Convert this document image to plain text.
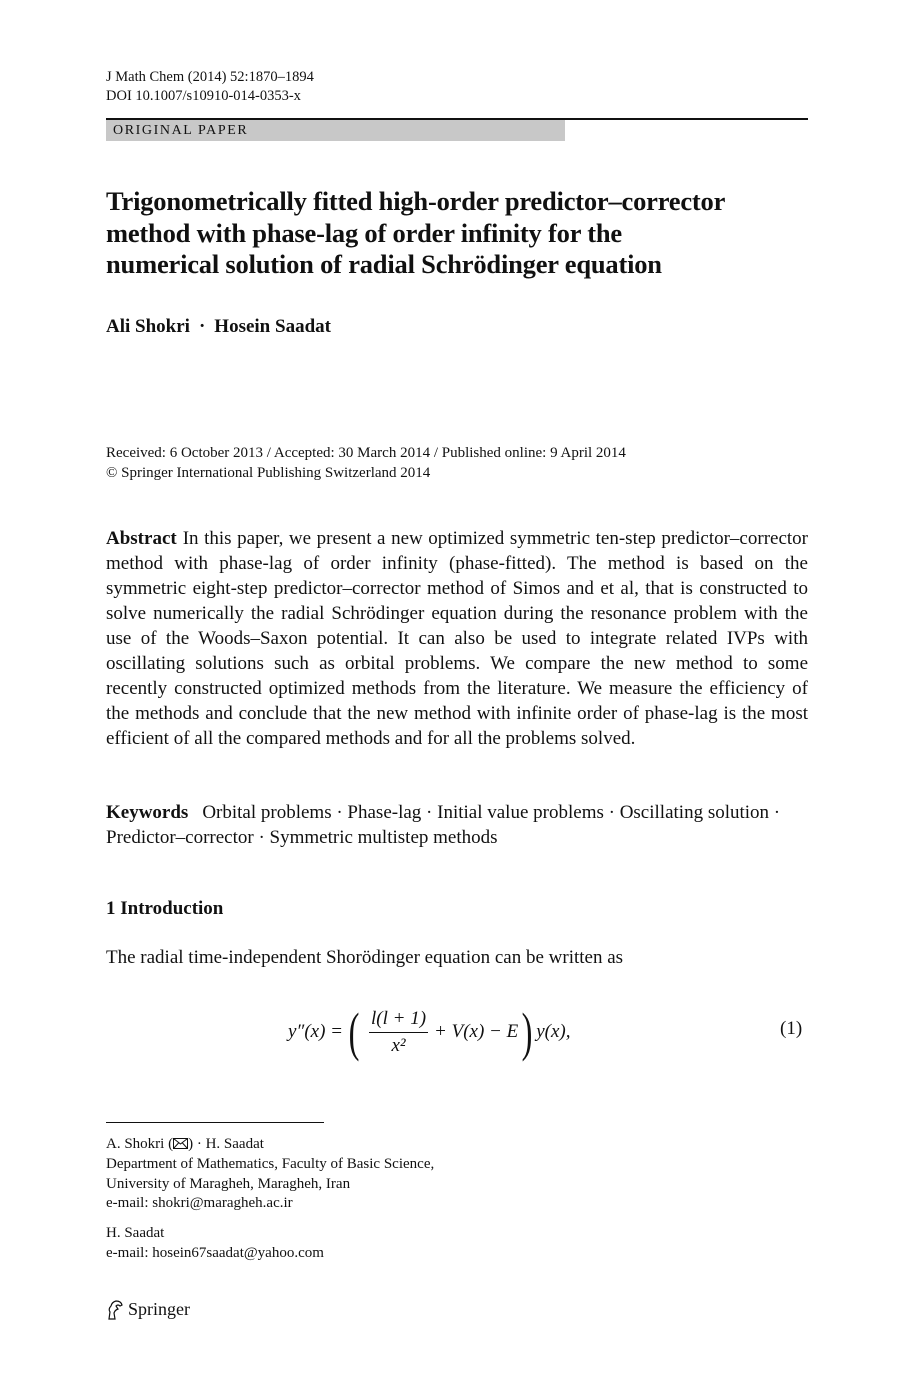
J Math Chem (2014) 52:1870–1894
DOI 10.1007/s10910-014-0353-x
ORIGINAL PAPER
Trigonometrically fitted high-order predictor–corrector
method with phase-lag of order infinity for the
numerical solution of radial Schrödinger equation
Ali Shokri · Hosein Saadat
Received: 6 October 2013 / Accepted: 30 March 2014 / Published online: 9 April 2014
© Springer International Publishing Switzerland 2014
Abstract In this paper, we present a new optimized symmetric ten-step predictor–corrector method with phase-lag of order infinity (phase-fitted). The method is based on the symmetric eight-step predictor–corrector method of Simos and et al, that is constructed to solve numerically the radial Schrödinger equation during the resonance problem with the use of the Woods–Saxon potential. It can also be used to integrate related IVPs with oscillating solutions such as orbital problems. We compare the new method to some recently constructed optimized methods from the literature. We measure the efficiency of the methods and conclude that the new method with infinite order of phase-lag is the most efficient of all the compared methods and for all the problems solved.
Keywords Orbital problems · Phase-lag · Initial value problems · Oscillating solution · Predictor–corrector · Symmetric multistep methods
1 Introduction
The radial time-independent Shorödinger equation can be written as
y″(x) = ( $\frac{l(l + 1)}{\text{x²}} + V(x) - E$ ) y(x),	(1)
A. Shokri ( ) · H. Saadat
Department of Mathematics, Faculty of Basic Science,
University of Maragheh, Maragheh, Iran
e-mail: shokri@maragheh.ac.ir
H. Saadat
e-mail: hosein67saadat@yahoo.com
Springer
